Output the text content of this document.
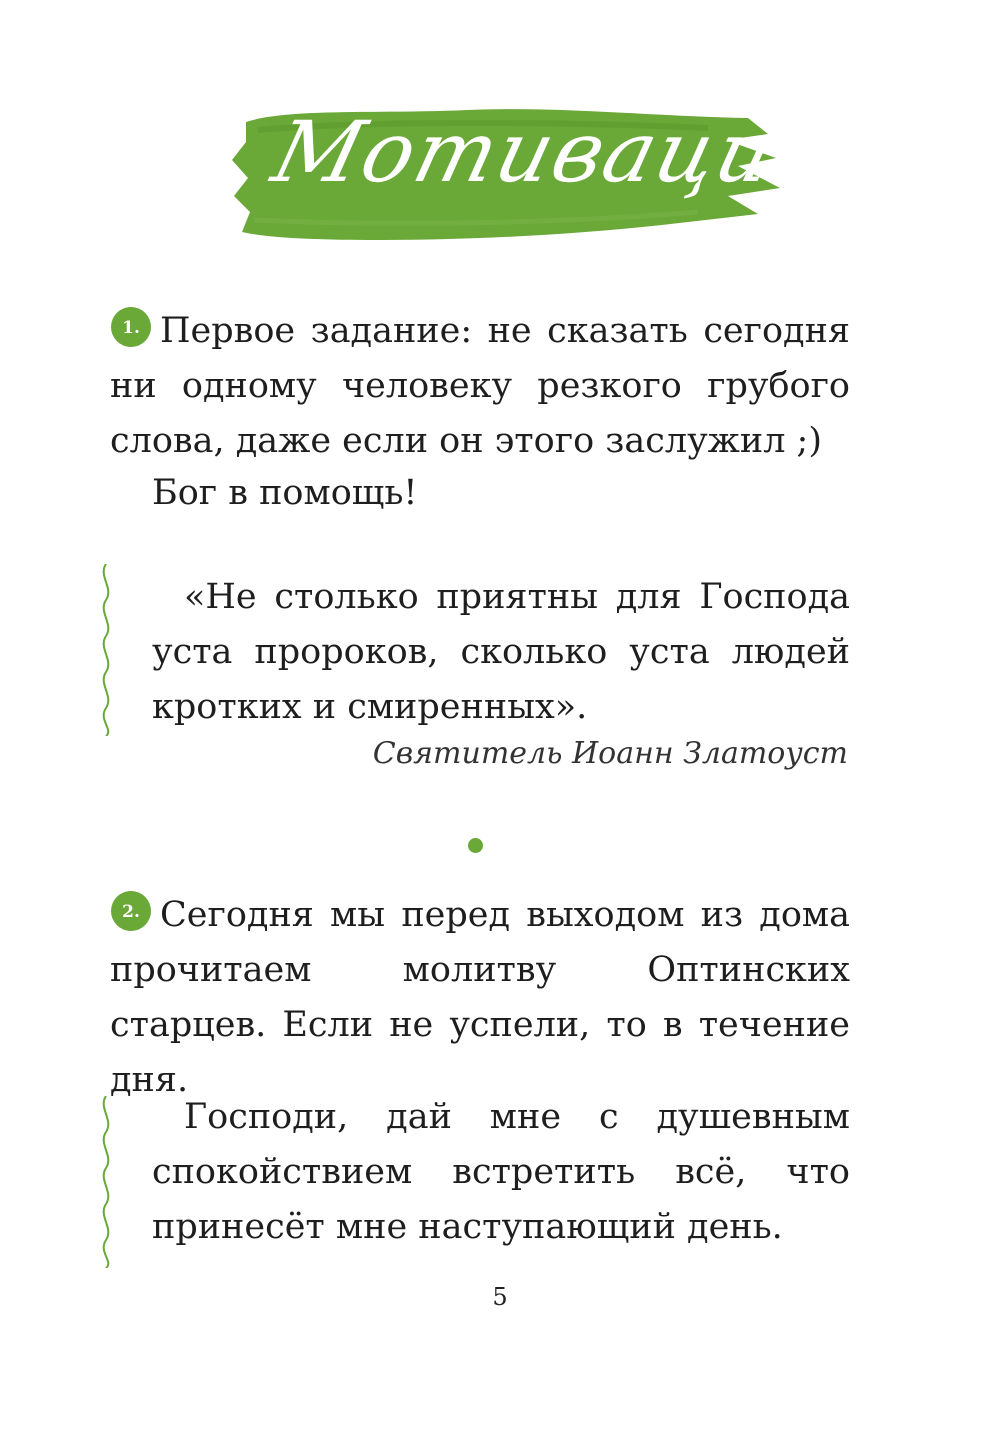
Мотивации

1. Первое задание: не сказать сегодня ни одному человеку резкого грубого слова, даже если он этого заслужил ;)

Бог в помощь!

«Не столько приятны для Господа уста пророков, сколько уста людей кротких и смиренных».

Святитель Иоанн Златоуст

2. Сегодня мы перед выходом из дома прочитаем молитву Оптинских старцев. Если не успели, то в течение дня.

Господи, дай мне с душевным спокойствием встретить всё, что принесёт мне наступающий день.

5
